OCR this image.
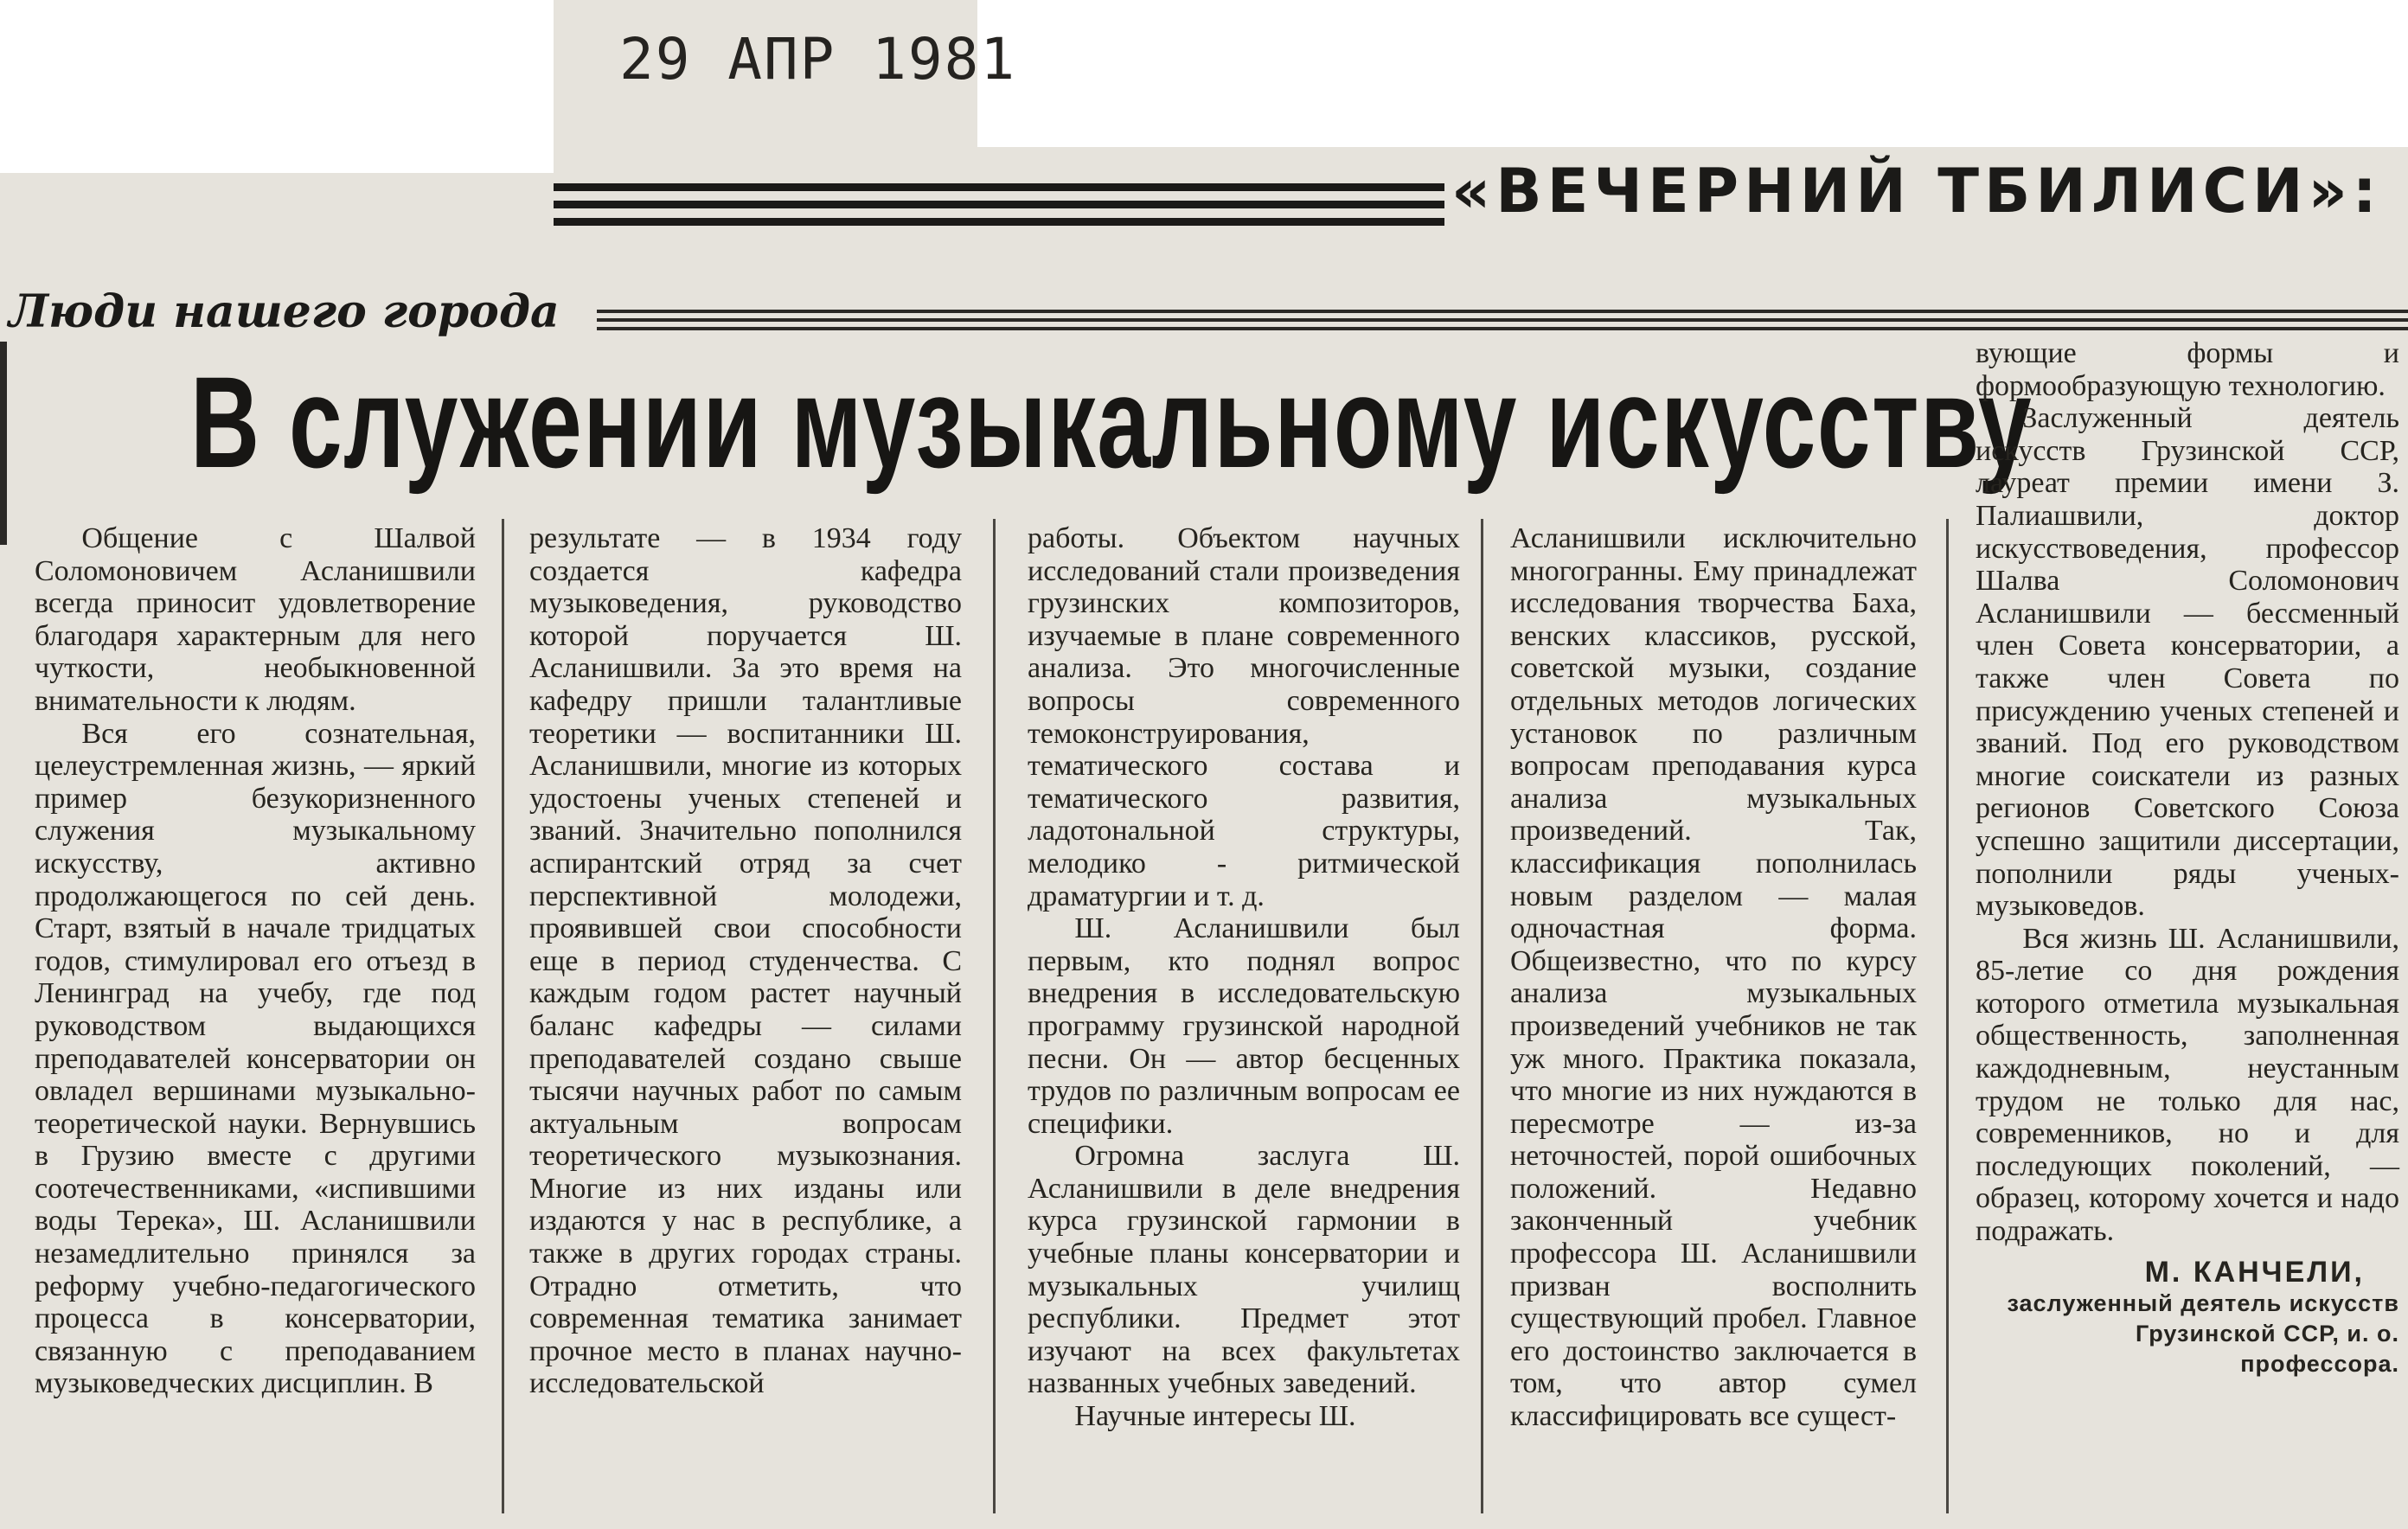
29 АПР 1981
«ВЕЧЕРНИЙ ТБИЛИСИ»:
Люди нашего города
В служении музыкальному искусству

Общение с Шалвой Соломоновичем Асланишвили всегда приносит удовлетворение благодаря характерным для него чуткости, необыкновенной внимательности к людям.

Вся его сознательная, целеустремленная жизнь, — яркий пример безукоризненного служения музыкальному искусству, активно продолжающегося по сей день. Старт, взятый в начале тридцатых годов, стимулировал его отъезд в Ленинград на учебу, где под руководством выдающихся преподавателей консерватории он овладел вершинами музыкально-теоретической науки. Вернувшись в Грузию вместе с другими соотечественниками, «испившими воды Терека», Ш. Асланишвили незамедлительно принялся за реформу учебно-педагогического процесса в консерватории, связанную с преподаванием музыковедческих дисциплин. В

результате — в 1934 году создается кафедра музыковедения, руководство которой поручается Ш. Асланишвили. За это время на кафедру пришли талантливые теоретики — воспитанники Ш. Асланишвили, многие из которых удостоены ученых степеней и званий. Значительно пополнился аспирантский отряд за счет перспективной молодежи, проявившей свои способности еще в период студенчества. С каждым годом растет научный баланс кафедры — силами преподавателей создано свыше тысячи научных работ по самым актуальным вопросам теоретического музыкознания. Многие из них изданы или издаются у нас в республике, а также в других городах страны. Отрадно отметить, что современная тематика занимает прочное место в планах научно-исследовательской

работы. Объектом научных исследований стали произведения грузинских композиторов, изучаемые в плане современного анализа. Это многочисленные вопросы современного темоконструирования, тематического состава и тематического развития, ладотональной структуры, мелодико - ритмической драматургии и т. д.

Ш. Асланишвили был первым, кто поднял вопрос внедрения в исследовательскую программу грузинской народной песни. Он — автор бесценных трудов по различным вопросам ее специфики.

Огромна заслуга Ш. Асланишвили в деле внедрения курса грузинской гармонии в учебные планы консерватории и музыкальных училищ республики. Предмет этот изучают на всех факультетах названных учебных заведений.

Научные интересы Ш.

Асланишвили исключительно многогранны. Ему принадлежат исследования творчества Баха, венских классиков, русской, советской музыки, создание отдельных методов логических установок по различным вопросам преподавания курса анализа музыкальных произведений. Так, классификация пополнилась новым разделом — малая одночастная форма. Общеизвестно, что по курсу анализа музыкальных произведений учебников не так уж много. Практика показала, что многие из них нуждаются в пересмотре — из-за неточностей, порой ошибочных положений. Недавно законченный учебник профессора Ш. Асланишвили призван восполнить существующий пробел. Главное его достоинство заключается в том, что автор сумел классифицировать все сущест-

вующие формы и формообразующую технологию.

Заслуженный деятель искусств Грузинской ССР, лауреат премии имени З. Палиашвили, доктор искусствоведения, профессор Шалва Соломонович Асланишвили — бессменный член Совета консерватории, а также член Совета по присуждению ученых степеней и званий. Под его руководством многие соискатели из разных регионов Советского Союза успешно защитили диссертации, пополнили ряды ученых-музыковедов.

Вся жизнь Ш. Асланишвили, 85-летие со дня рождения которого отметила музыкальная общественность, заполненная каждодневным, неустанным трудом не только для нас, современников, но и для последующих поколений, — образец, которому хочется и надо подражать.

М. КАНЧЕЛИ,
заслуженный деятель искусств Грузинской ССР, и. о. профессора.
